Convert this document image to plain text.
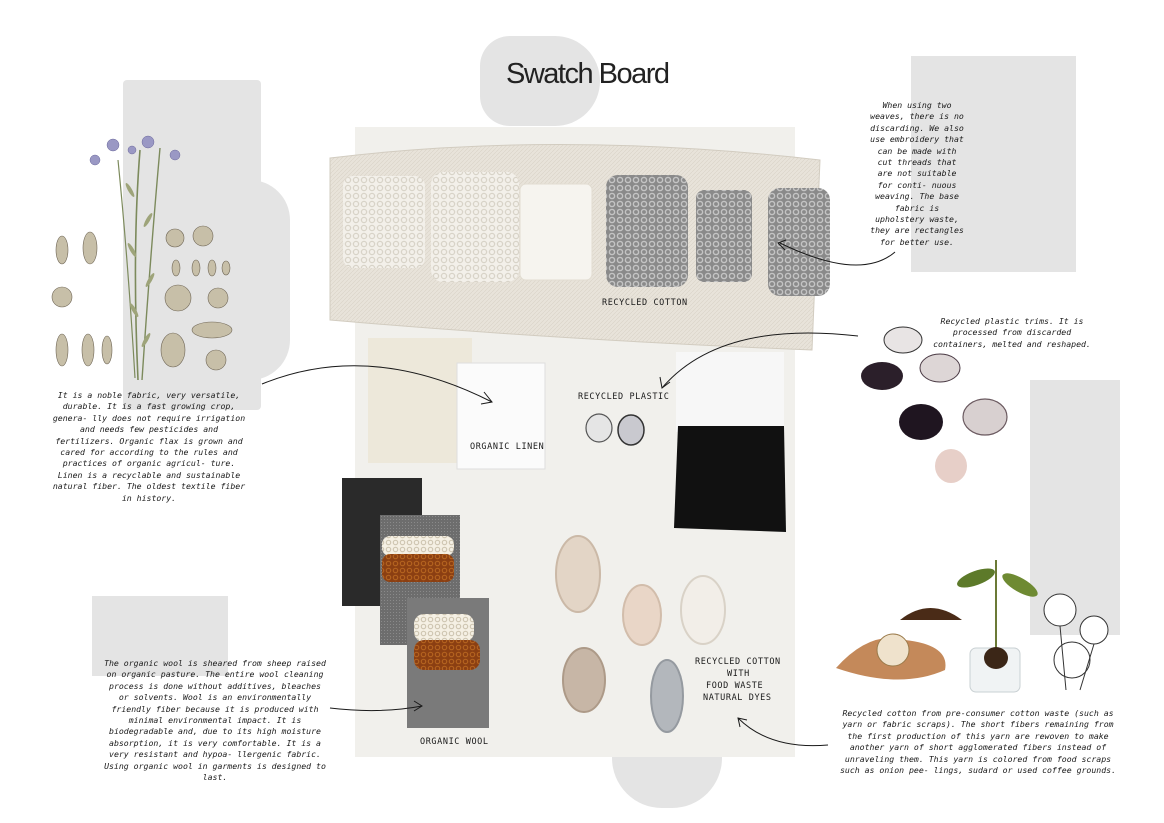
Swatch Board
RECYCLED COTTON
RECYCLED PLASTIC
ORGANIC LINEN
ORGANIC WOOL
RECYCLED COTTON
WITH
FOOD WASTE
NATURAL DYES
It is a noble fabric, very versatile, durable. It is a fast growing crop, genera- lly does not require irrigation and needs few pesticides and fertilizers. Organic flax is grown and cared for according to the rules and practices of organic agricul- ture. Linen is a recyclable and sustainable natural fiber. The oldest textile fiber in history.
When using two weaves, there is no discarding. We also use embroidery that can be made with cut threads that are not suitable for conti- nuous weaving. The base fabric is upholstery waste, they are rectangles for better use.
Recycled plastic trims. It is processed from discarded containers, melted and reshaped.
The organic wool is sheared from sheep raised on organic pasture. The entire wool cleaning process is done without additives, bleaches or solvents. Wool is an environmentally friendly fiber because it is produced with minimal environmental impact. It is biodegradable and, due to its high moisture absorption, it is very comfortable. It is a very resistant and hypoa- llergenic fabric. Using organic wool in garments is designed to last.
Recycled cotton from pre-consumer cotton waste (such as yarn or fabric scraps). The short fibers remaining from the first production of this yarn are rewoven to make another yarn of short agglomerated fibers instead of unraveling them. This yarn is colored from food scraps such as onion pee- lings, sudard or used coffee grounds.
